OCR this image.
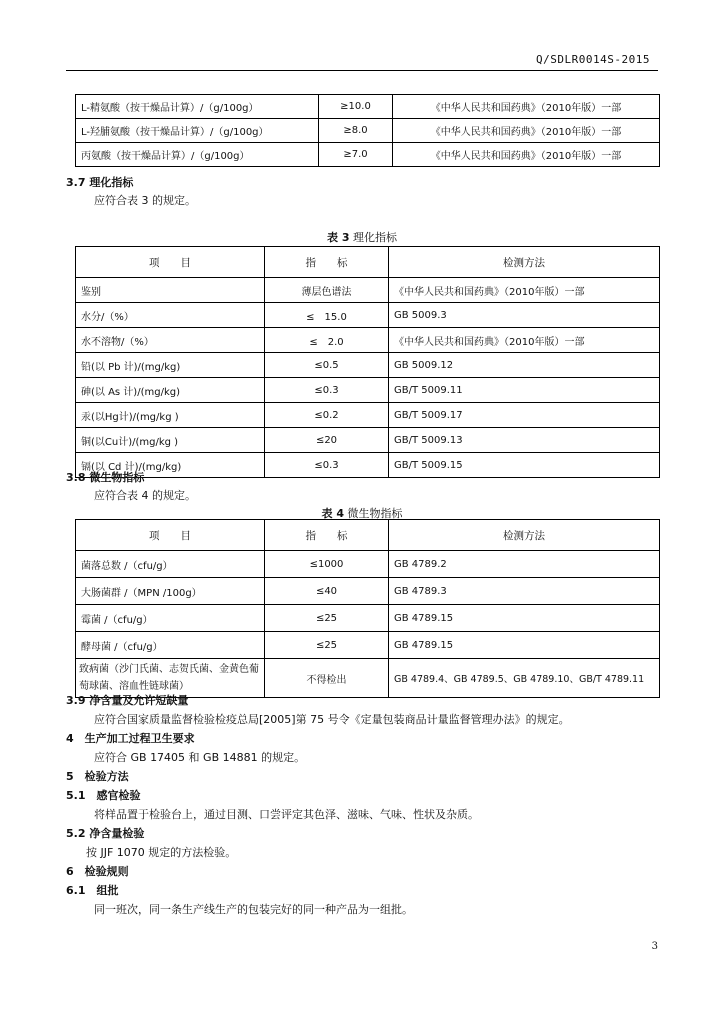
Q/SDLR0014S-2015
L-精氨酸（按干燥品计算）/（g/100g）	≥10.0	《中华人民共和国药典》（2010年版）一部
L-羟脯氨酸（按干燥品计算）/（g/100g）	≥8.0	《中华人民共和国药典》（2010年版）一部
丙氨酸（按干燥品计算）/（g/100g）	≥7.0	《中华人民共和国药典》（2010年版）一部
3.7 理化指标
应符合表 3 的规定。
表 3 理化指标
项　　目	指　　标	检测方法
鉴别	薄层色谱法	《中华人民共和国药典》（2010年版）一部
水分/（%）	≤　15.0	GB 5009.3
水不溶物/（%）	≤　2.0	《中华人民共和国药典》（2010年版）一部
铅(以 Pb 计)/(mg/kg)	≤0.5	GB 5009.12
砷(以 As 计)/(mg/kg)	≤0.3	GB/T 5009.11
汞(以Hg计)/(mg/kg )	≤0.2	GB/T 5009.17
铜(以Cu计)/(mg/kg )	≤20	GB/T 5009.13
镉(以 Cd 计)/(mg/kg)	≤0.3	GB/T 5009.15
3.8 微生物指标
应符合表 4 的规定。
表 4 微生物指标
项　　目	指　　标	检测方法
菌落总数 /（cfu/g）	≤1000	GB 4789.2
大肠菌群 /（MPN /100g）	≤40	GB 4789.3
霉菌 /（cfu/g）	≤25	GB 4789.15
酵母菌 /（cfu/g）	≤25	GB 4789.15
致病菌（沙门氏菌、志贺氏菌、金黄色葡萄球菌、溶血性链球菌）	不得检出	GB 4789.4、GB 4789.5、GB 4789.10、GB/T 4789.11
3.9 净含量及允许短缺量
应符合国家质量监督检验检疫总局[2005]第 75 号令《定量包装商品计量监督管理办法》的规定。
4　生产加工过程卫生要求
应符合 GB 17405 和 GB 14881 的规定。
5　检验方法
5.1　感官检验
将样品置于检验台上，通过目测、口尝评定其色泽、滋味、气味、性状及杂质。
5.2 净含量检验
按 JJF 1070 规定的方法检验。
6　检验规则
6.1　组批
同一班次，同一条生产线生产的包装完好的同一种产品为一组批。
3
